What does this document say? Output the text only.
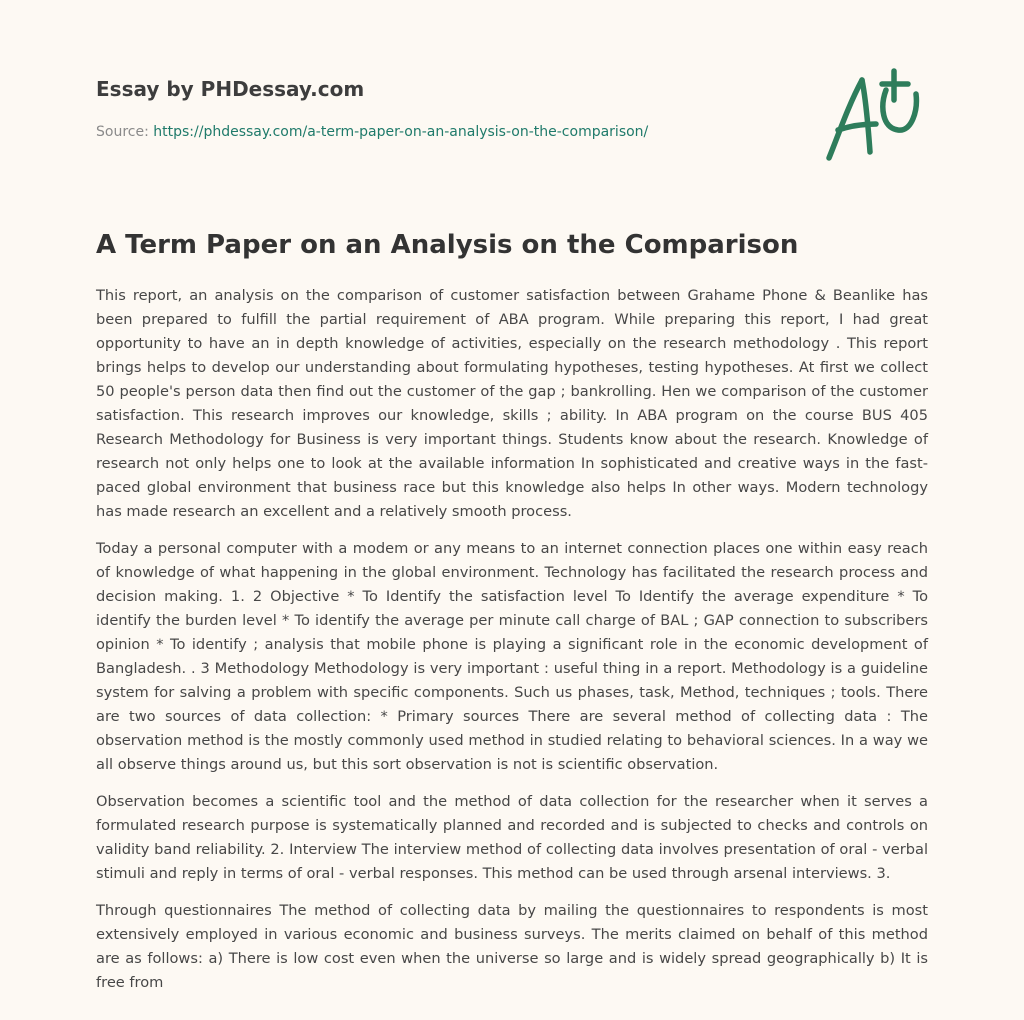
Essay by PHDessay.com
Source: https://phdessay.com/a-term-paper-on-an-analysis-on-the-comparison/
A Term Paper on an Analysis on the Comparison

This report, an analysis on the comparison of customer satisfaction between Grahame Phone & Beanlike has been prepared to fulfill the partial requirement of ABA program. While preparing this report, I had great opportunity to have an in depth knowledge of activities, especially on the research methodology . This report brings helps to develop our understanding about formulating hypotheses, testing hypotheses. At first we collect 50 people's person data then find out the customer of the gap ; bankrolling. Hen we comparison of the customer satisfaction. This research improves our knowledge, skills ; ability. In ABA program on the course BUS 405 Research Methodology for Business is very important things. Students know about the research. Knowledge of research not only helps one to look at the available information In sophisticated and creative ways in the fast-paced global environment that business race but this knowledge also helps In other ways. Modern technology has made research an excellent and a relatively smooth process.

Today a personal computer with a modem or any means to an internet connection places one within easy reach of knowledge of what happening in the global environment. Technology has facilitated the research process and decision making. 1. 2 Objective * To Identify the satisfaction level To Identify the average expenditure * To identify the burden level * To identify the average per minute call charge of BAL ; GAP connection to subscribers opinion * To identify ; analysis that mobile phone is playing a significant role in the economic development of Bangladesh. . 3 Methodology Methodology is very important : useful thing in a report. Methodology is a guideline system for salving a problem with specific components. Such us phases, task, Method, techniques ; tools. There are two sources of data collection: * Primary sources There are several method of collecting data : The observation method is the mostly commonly used method in studied relating to behavioral sciences. In a way we all observe things around us, but this sort observation is not is scientific observation.

Observation becomes a scientific tool and the method of data collection for the researcher when it serves a formulated research purpose is systematically planned and recorded and is subjected to checks and controls on validity band reliability. 2. Interview The interview method of collecting data involves presentation of oral - verbal stimuli and reply in terms of oral - verbal responses. This method can be used through arsenal interviews. 3.

Through questionnaires The method of collecting data by mailing the questionnaires to respondents is most extensively employed in various economic and business surveys. The merits claimed on behalf of this method are as follows: a) There is low cost even when the universe so large and is widely spread geographically b) It is free from
